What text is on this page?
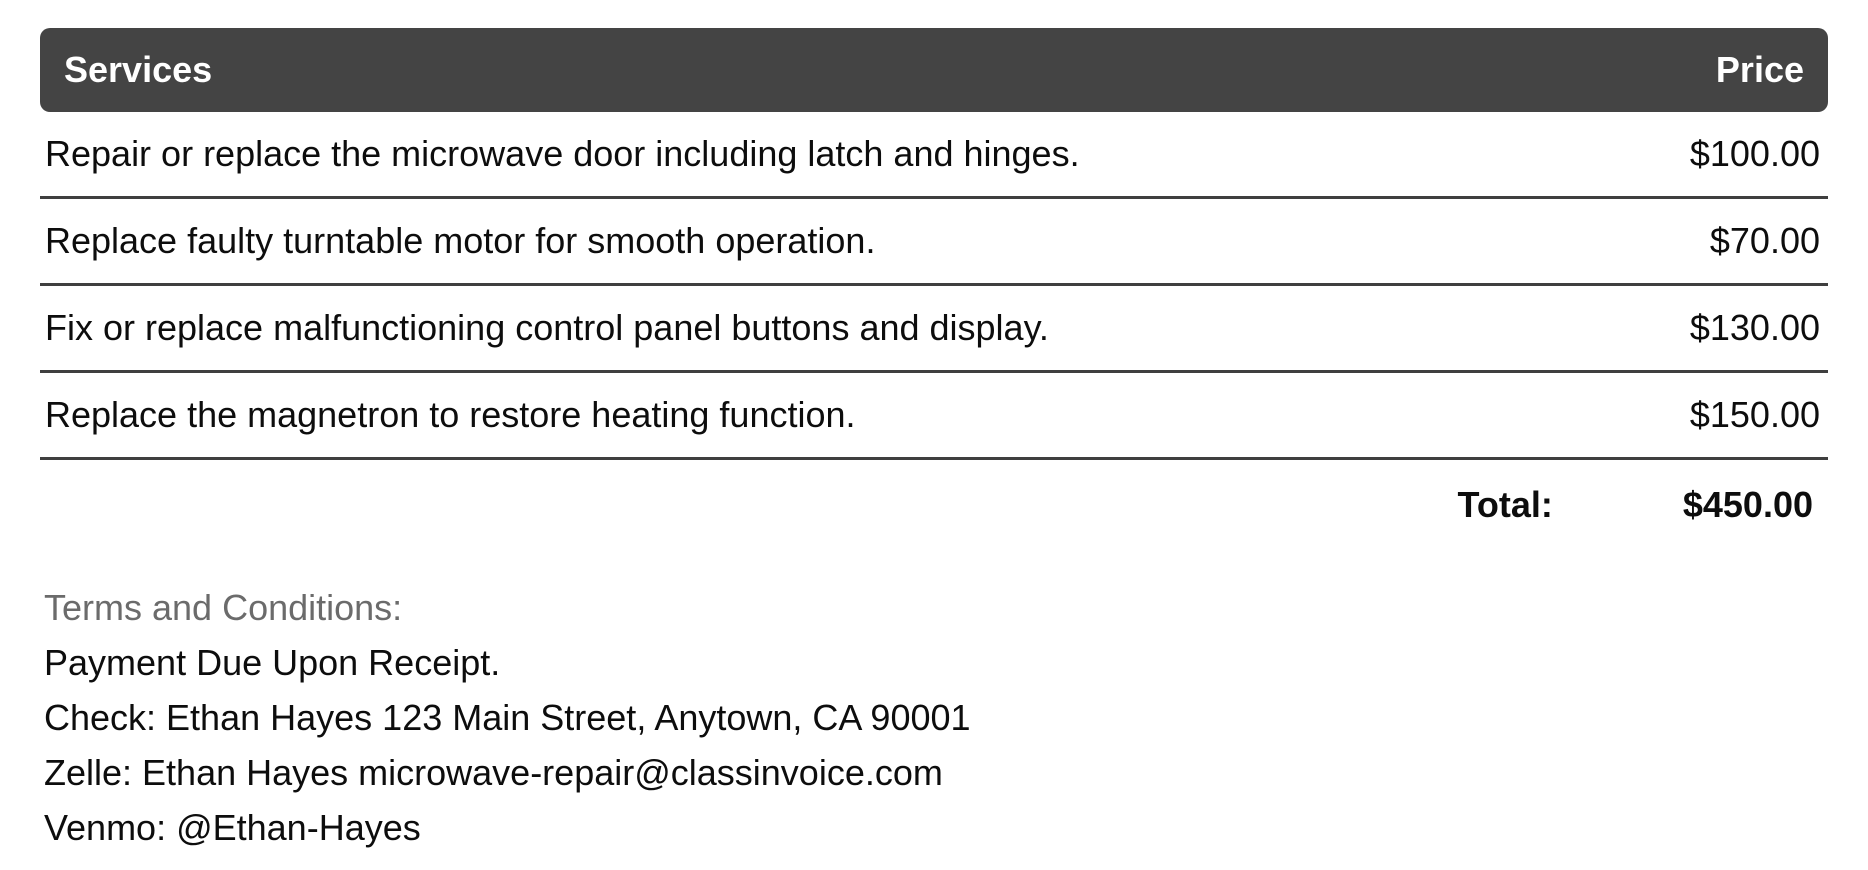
Services	Price
Repair or replace the microwave door including latch and hinges.	$100.00
Replace faulty turntable motor for smooth operation.	$70.00
Fix or replace malfunctioning control panel buttons and display.	$130.00
Replace the magnetron to restore heating function.	$150.00
Total:	$450.00
Terms and Conditions:
Payment Due Upon Receipt.
Check: Ethan Hayes 123 Main Street, Anytown, CA 90001
Zelle: Ethan Hayes microwave-repair@classinvoice.com
Venmo: @Ethan-Hayes
